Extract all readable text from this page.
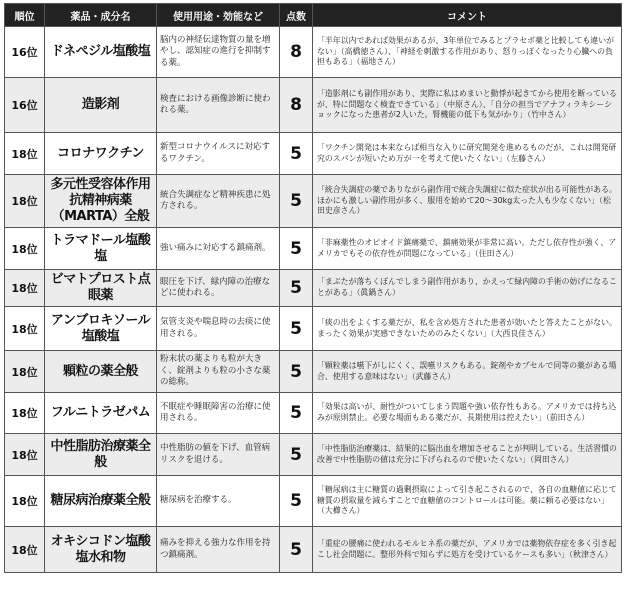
順位	薬品・成分名	使用用途・効能など	点数	コメント
16位	ドネペジル塩酸塩	脳内の神経伝達物質の量を増やし、認知症の進行を抑制する薬。	8	「半年以内であれば効果があるが、3年単位でみるとプラセボ薬と比較しても違いがない」（高橋徳さん）、「神経を刺激する作用があり、怒りっぽくなったり心臓への負担もある」（福地さん）
16位	造影剤	検査における画像診断に使われる薬。	8	「造影剤にも副作用があり、実際に私はめまいと動悸が起きてから使用を断っているが、特に問題なく検査できている」（中原さん）、「自分の担当でアナフィラキシーショックになった患者が2人いた。腎機能の低下も気がかり」（竹中さん）
18位	コロナワクチン	新型コロナウイルスに対応するワクチン。	5	「ワクチン開発は本来ならば相当な入りに研究開発を進めるものだが、これは開発研究のスパンが短いため万が一を考えて使いたくない」（左藤さん）
18位	多元性受容体作用抗精神病薬（MARTA）全般	統合失調症など精神疾患に処方される。	5	「統合失調症の薬でありながら副作用で統合失調症に似た症状が出る可能性がある。ほかにも激しい副作用が多く、服用を始めて20～30kg太った人も少なくない」（松田史彦さん）
18位	トラマドール塩酸塩	強い痛みに対応する鎮痛剤。	5	「非麻薬性のオピオイド鎮痛薬で、鎮痛効果が非常に高い。ただし依存性が強く、アメリカでもその依存性が問題になっている」（住田さん）
18位	ビマトプロスト点眼薬	眼圧を下げ、緑内障の治療などに使われる。	5	「まぶたが落ちくぼんでしまう副作用があり、かえって緑内障の手術の妨げになることがある」（眞鍋さん）
18位	アンブロキソール塩酸塩	気管支炎や喘息時の去痰に使用される。	5	「痰の出をよくする薬だが、私を含め処方された患者が効いたと答えたことがない。まったく効果が実感できないためのみたくない」（大西良佳さん）
18位	顆粒の薬全般	粉末状の薬よりも粒が大きく、錠剤よりも粒の小さな薬の総称。	5	「顆粒薬は嚥下がしにくく、誤嚥リスクもある。錠剤やカプセルで同等の薬がある場合、使用する意味はない」（武藤さん）
18位	フルニトラゼパム	不眠症や睡眠障害の治療に使用される。	5	「効果は高いが、耐性がついてしまう問題や強い依存性もある。アメリカでは持ち込みが原則禁止。必要な場面もある薬だが、長期使用は控えたい」（前田さん）
18位	中性脂肪治療薬全般	中性脂肪の値を下げ、血管病リスクを退ける。	5	「中性脂肪治療薬は、結果的に脳出血を増加させることが判明している。生活習慣の改善で中性脂肪の値は充分に下げられるので使いたくない」（岡田さん）
18位	糖尿病治療薬全般	糖尿病を治療する。	5	「糖尿病は主に糖質の過剰摂取によって引き起こされるので、各自の血糖値に応じて糖質の摂取量を減らすことで血糖値のコントロールは可能。薬に頼る必要はない」（大櫛さん）
18位	オキシコドン塩酸塩水和物	痛みを抑える強力な作用を持つ鎮痛剤。	5	「重症の腰痛に使われるモルヒネ系の薬だが、アメリカでは薬物依存症を多く引き起こし社会問題に。整形外科で知らずに処方を受けているケースも多い」（秋津さん）
